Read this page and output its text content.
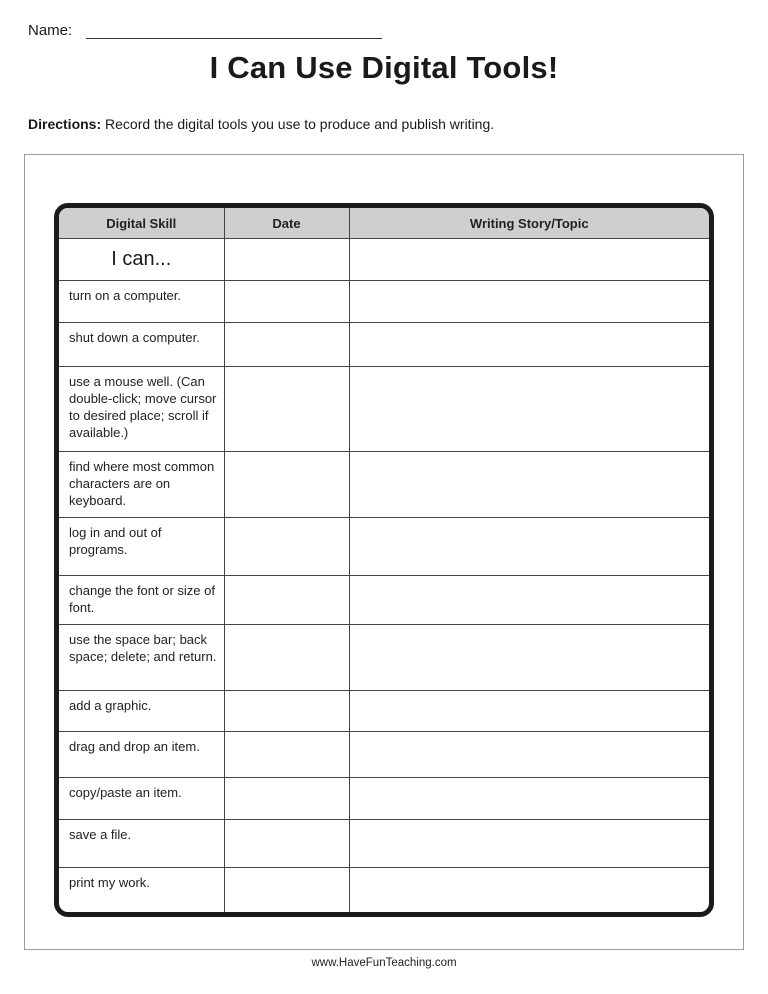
Name:
I Can Use Digital Tools!
Directions: Record the digital tools you use to produce and publish writing.
Digital Skill	Date	Writing Story/Topic
I can...		
turn on a computer.		
shut down a computer.		
use a mouse well. (Can double-click; move cursor to desired place; scroll if available.)		
find where most common characters are on keyboard.		
log in and out of programs.		
change the font or size of font.		
use the space bar; back space; delete; and return.		
add a graphic.		
drag and drop an item.		
copy/paste an item.		
save a file.		
print my work.		
www.HaveFunTeaching.com
